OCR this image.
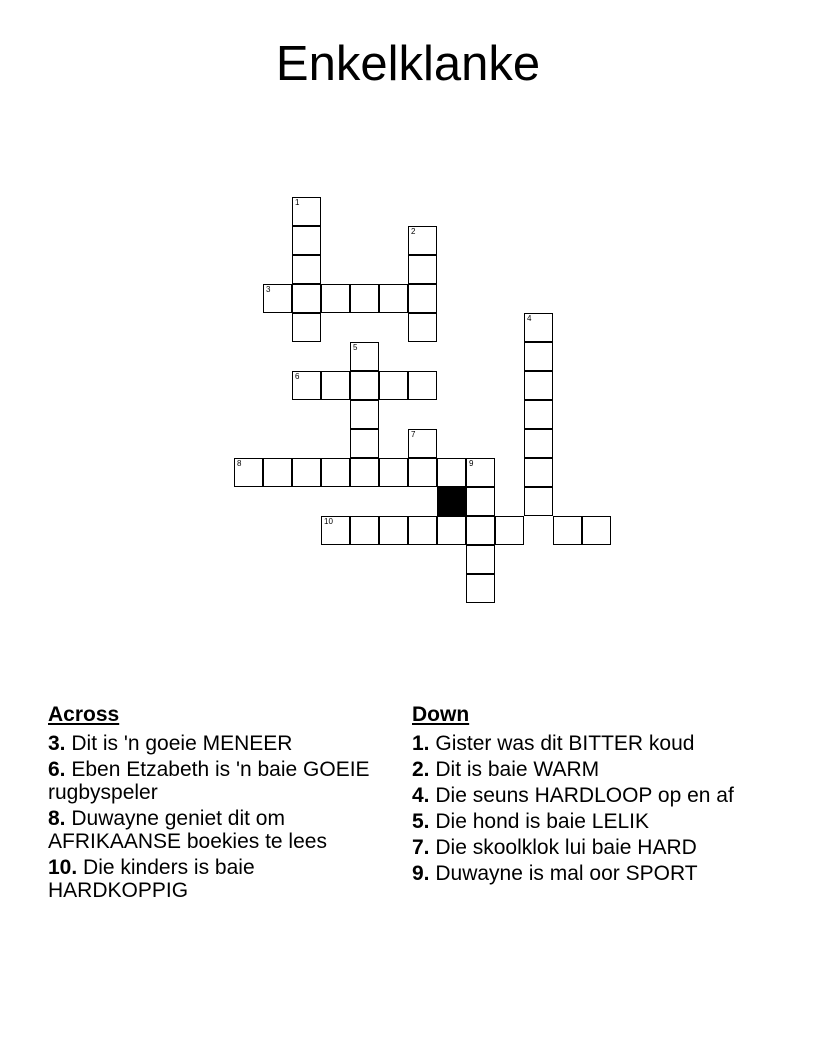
Enkelklanke
1
2
3
4
5
6
7
8	9
10
Across
3. Dit is 'n goeie MENEER
6. Eben Etzabeth is 'n baie GOEIE rugbyspeler
8. Duwayne geniet dit om AFRIKAANSE boekies te lees
10. Die kinders is baie HARDKOPPIG
Down
1. Gister was dit BITTER koud
2. Dit is baie WARM
4. Die seuns HARDLOOP op en af
5. Die hond is baie LELIK
7. Die skoolklok lui baie HARD
9. Duwayne is mal oor SPORT
